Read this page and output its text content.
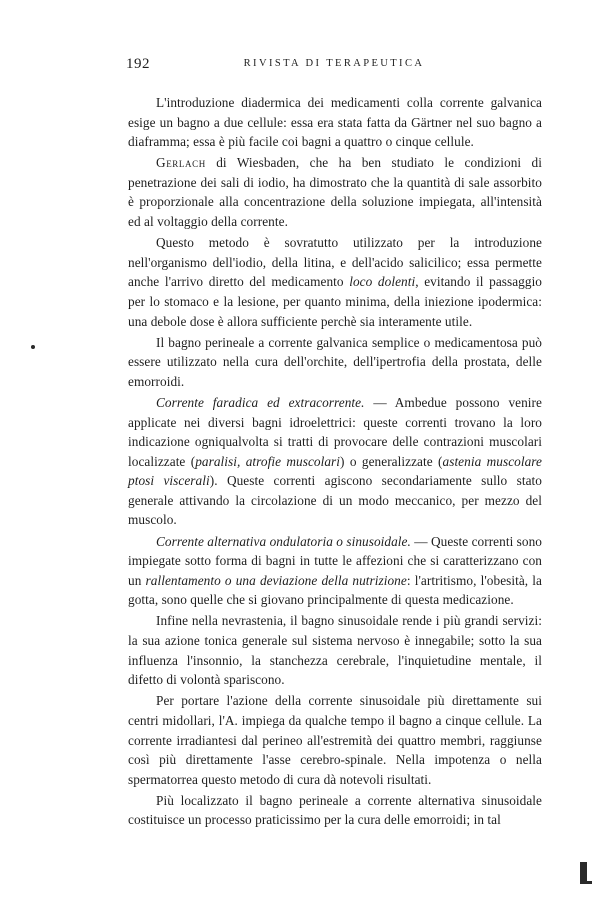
192	RIVISTA DI TERAPEUTICA

L'introduzione diadermica dei medicamenti colla corrente galvanica esige un bagno a due cellule: essa era stata fatta da Gärtner nel suo bagno a diaframma; essa è più facile coi bagni a quattro o cinque cellule.

Gerlach di Wiesbaden, che ha ben studiato le condizioni di penetrazione dei sali di iodio, ha dimostrato che la quantità di sale assorbito è proporzionale alla concentrazione della soluzione impiegata, all'intensità ed al voltaggio della corrente.

Questo metodo è sovratutto utilizzato per la introduzione nell'organismo dell'iodio, della litina, e dell'acido salicilico; essa permette anche l'arrivo diretto del medicamento loco dolenti, evitando il passaggio per lo stomaco e la lesione, per quanto minima, della iniezione ipodermica: una debole dose è allora sufficiente perchè sia interamente utile.

Il bagno perineale a corrente galvanica semplice o medicamentosa può essere utilizzato nella cura dell'orchite, dell'ipertrofia della prostata, delle emorroidi.

Corrente faradica ed extracorrente. — Ambedue possono venire applicate nei diversi bagni idroelettrici: queste correnti trovano la loro indicazione ogniqualvolta si tratti di provocare delle contrazioni muscolari localizzate (paralisi, atrofie muscolari) o generalizzate (astenia muscolare ptosi viscerali). Queste correnti agiscono secondariamente sullo stato generale attivando la circolazione di un modo meccanico, per mezzo del muscolo.

Corrente alternativa ondulatoria o sinusoidale. — Queste correnti sono impiegate sotto forma di bagni in tutte le affezioni che si caratterizzano con un rallentamento o una deviazione della nutrizione: l'artritismo, l'obesità, la gotta, sono quelle che si giovano principalmente di questa medicazione.

Infine nella nevrastenia, il bagno sinusoidale rende i più grandi servizi: la sua azione tonica generale sul sistema nervoso è innegabile; sotto la sua influenza l'insonnio, la stanchezza cerebrale, l'inquietudine mentale, il difetto di volontà spariscono.

Per portare l'azione della corrente sinusoidale più direttamente sui centri midollari, l'A. impiega da qualche tempo il bagno a cinque cellule. La corrente irradiantesi dal perineo all'estremità dei quattro membri, raggiunse così più direttamente l'asse cerebro-spinale. Nella impotenza o nella spermatorrea questo metodo di cura dà notevoli risultati.

Più localizzato il bagno perineale a corrente alternativa sinusoidale costituisce un processo praticissimo per la cura delle emorroidi; in tal
